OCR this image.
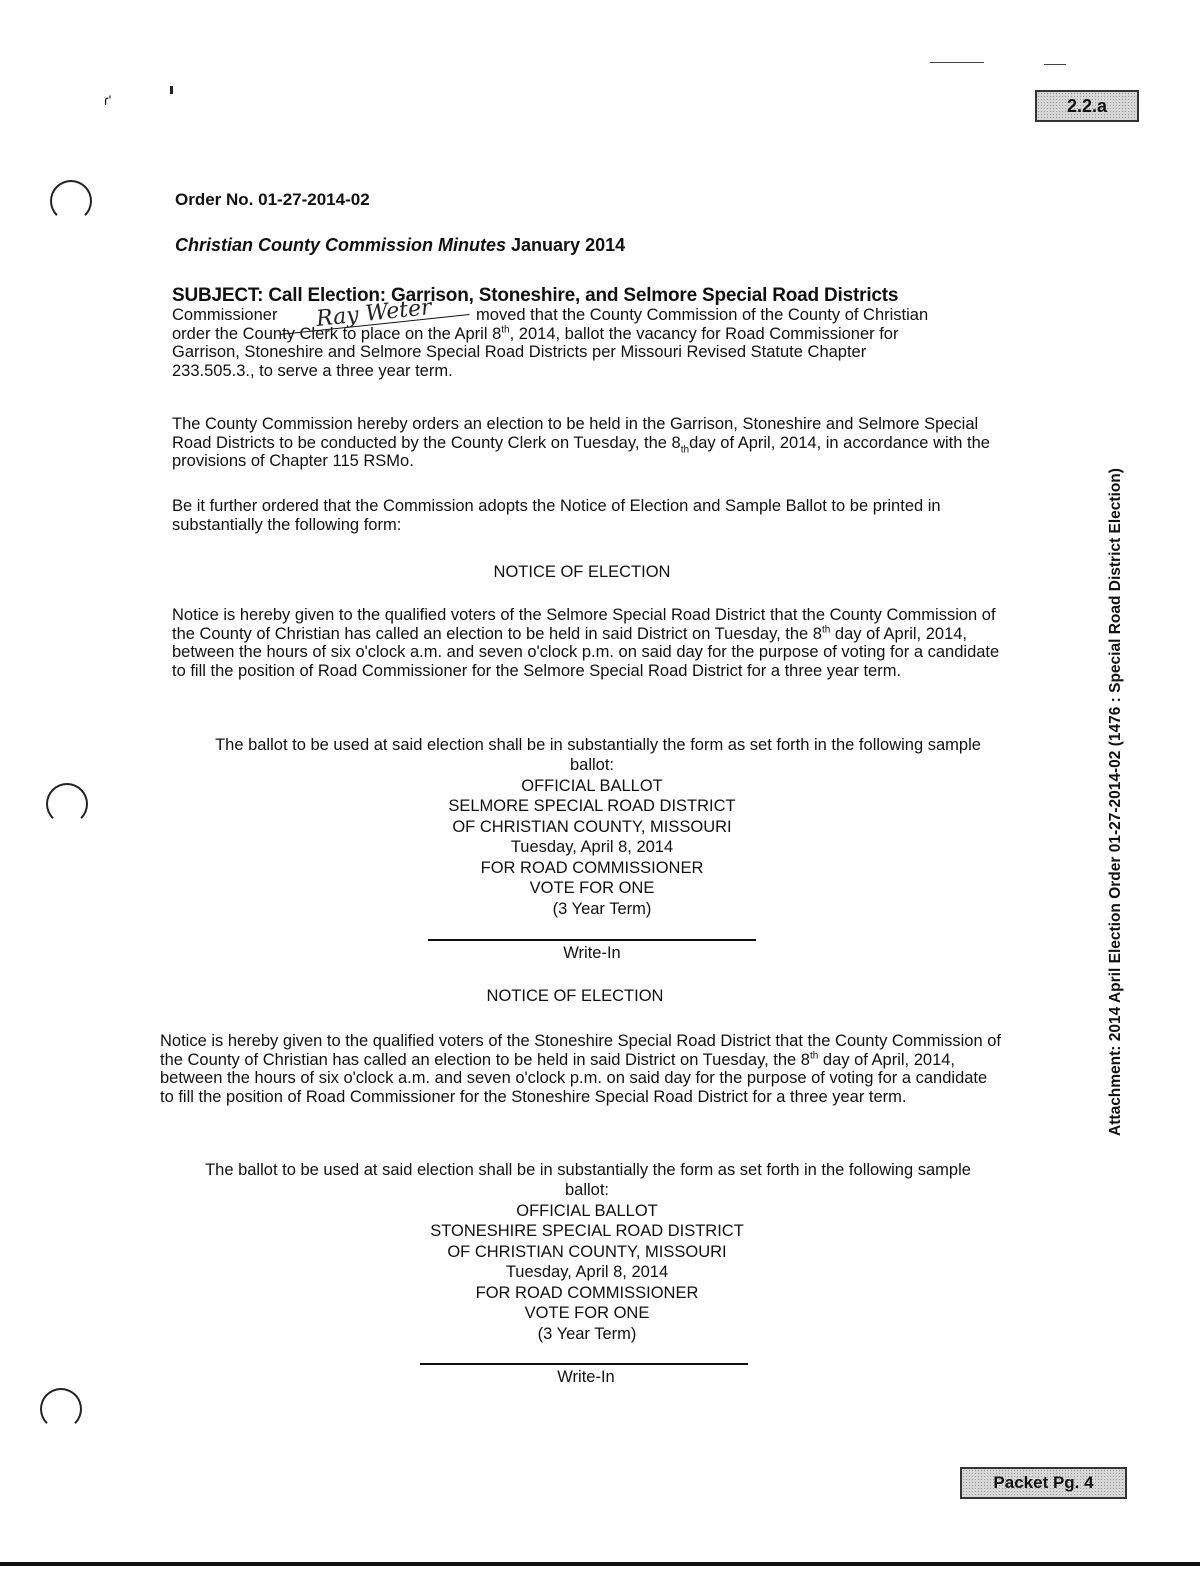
ɾ'	2.2.a
Packet Pg. 4
Attachment: 2014 April Election Order 01-27-2014-02 (1476 : Special Road District Election)
Order No. 01-27-2014-02
Christian County Commission Minutes January 2014
SUBJECT: Call Election: Garrison, Stoneshire, and Selmore Special Road Districts
Commissioner Ray Weter moved that the County Commission of the County of Christian
order the County Clerk to place on the April 8th, 2014, ballot the vacancy for Road Commissioner for
Garrison, Stoneshire and Selmore Special Road Districts per Missouri Revised Statute Chapter
233.505.3., to serve a three year term.
The County Commission hereby orders an election to be held in the Garrison, Stoneshire and Selmore Special Road Districts to be conducted by the County Clerk on Tuesday, the $8_{th}day$ of April, 2014, in accordance with the provisions of Chapter 115 RSMo.
Be it further ordered that the Commission adopts the Notice of Election and Sample Ballot to be printed in substantially the following form:
NOTICE OF ELECTION
Notice is hereby given to the qualified voters of the Selmore Special Road District that the County Commission of the County of Christian has called an election to be held in said District on Tuesday, the 8th day of April, 2014, between the hours of six o'clock a.m. and seven o'clock p.m. on said day for the purpose of voting for a candidate to fill the position of Road Commissioner for the Selmore Special Road District for a three year term.
The ballot to be used at said election shall be in substantially the form as set forth in the following sample
ballot:
OFFICIAL BALLOT
SELMORE SPECIAL ROAD DISTRICT
OF CHRISTIAN COUNTY, MISSOURI
Tuesday, April 8, 2014
FOR ROAD COMMISSIONER
VOTE FOR ONE
(3 Year Term)
Write-In
NOTICE OF ELECTION
Notice is hereby given to the qualified voters of the Stoneshire Special Road District that the County Commission of the County of Christian has called an election to be held in said District on Tuesday, the 8th day of April, 2014, between the hours of six o'clock a.m. and seven o'clock p.m. on said day for the purpose of voting for a candidate to fill the position of Road Commissioner for the Stoneshire Special Road District for a three year term.
The ballot to be used at said election shall be in substantially the form as set forth in the following sample
ballot:
OFFICIAL BALLOT
STONESHIRE SPECIAL ROAD DISTRICT
OF CHRISTIAN COUNTY, MISSOURI
Tuesday, April 8, 2014
FOR ROAD COMMISSIONER
VOTE FOR ONE
(3 Year Term)
Write-In
